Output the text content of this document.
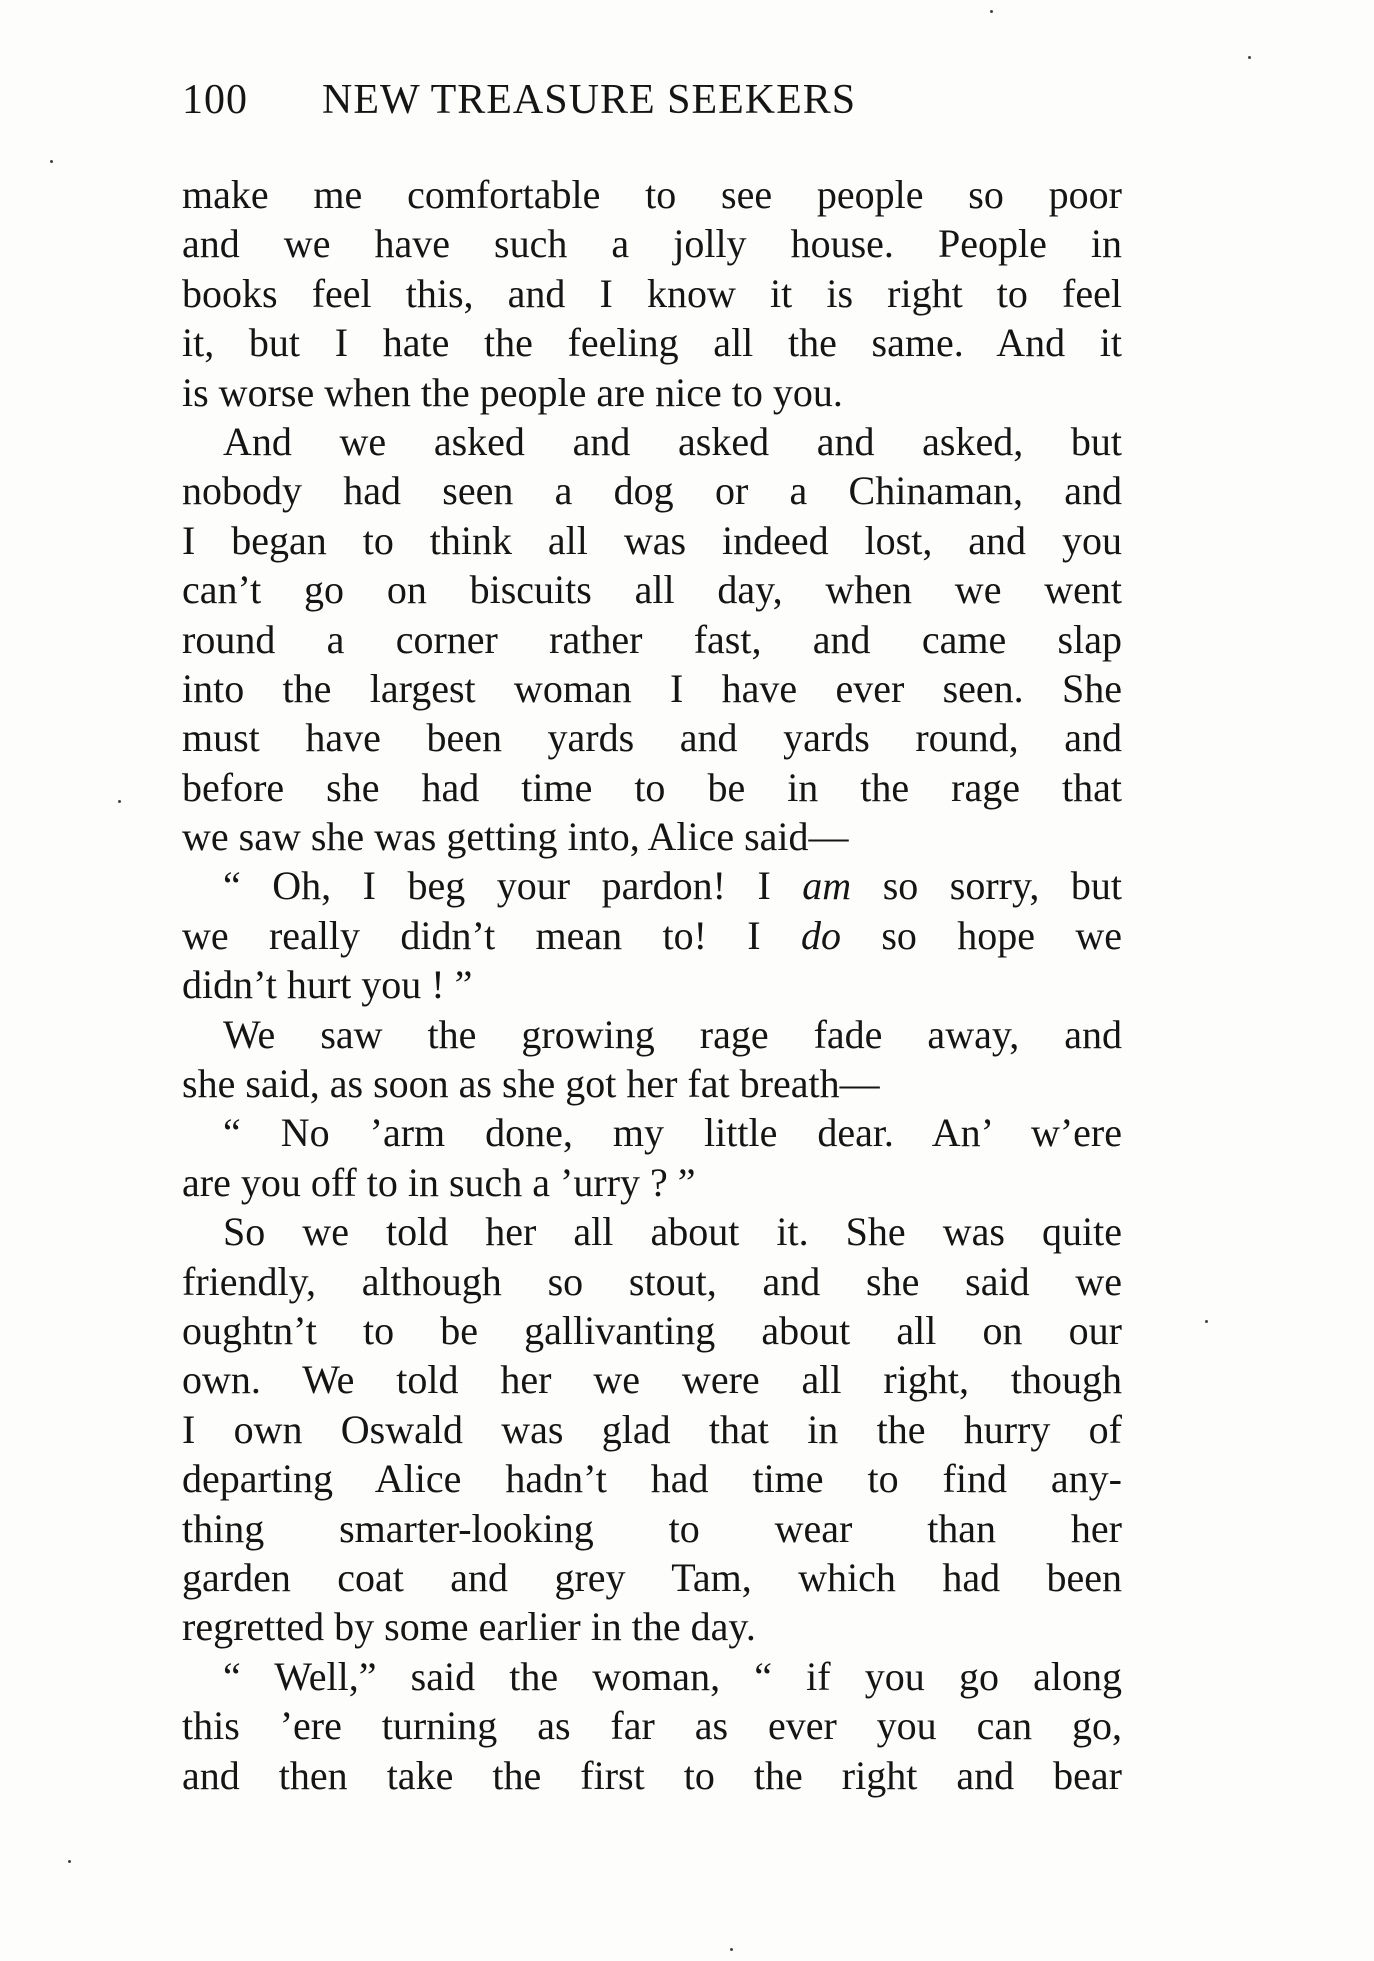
100 NEW TREASURE SEEKERS
make me comfortable to see people so poor
and we have such a jolly house. People in
books feel this, and I know it is right to feel
it, but I hate the feeling all the same. And it
is worse when the people are nice to you.
And we asked and asked and asked, but
nobody had seen a dog or a Chinaman, and
I began to think all was indeed lost, and you
can’t go on biscuits all day, when we went
round a corner rather fast, and came slap
into the largest woman I have ever seen. She
must have been yards and yards round, and
before she had time to be in the rage that
we saw she was getting into, Alice said—
“ Oh, I beg your pardon! I am so sorry, but
we really didn’t mean to! I do so hope we
didn’t hurt you ! ”
We saw the growing rage fade away, and
she said, as soon as she got her fat breath—
“ No ’arm done, my little dear. An’ w’ere
are you off to in such a ’urry ? ”
So we told her all about it. She was quite
friendly, although so stout, and she said we
oughtn’t to be gallivanting about all on our
own. We told her we were all right, though
I own Oswald was glad that in the hurry of
departing Alice hadn’t had time to find any-
thing smarter-looking to wear than her
garden coat and grey Tam, which had been
regretted by some earlier in the day.
“ Well,” said the woman, “ if you go along
this ’ere turning as far as ever you can go,
and then take the first to the right and bear
